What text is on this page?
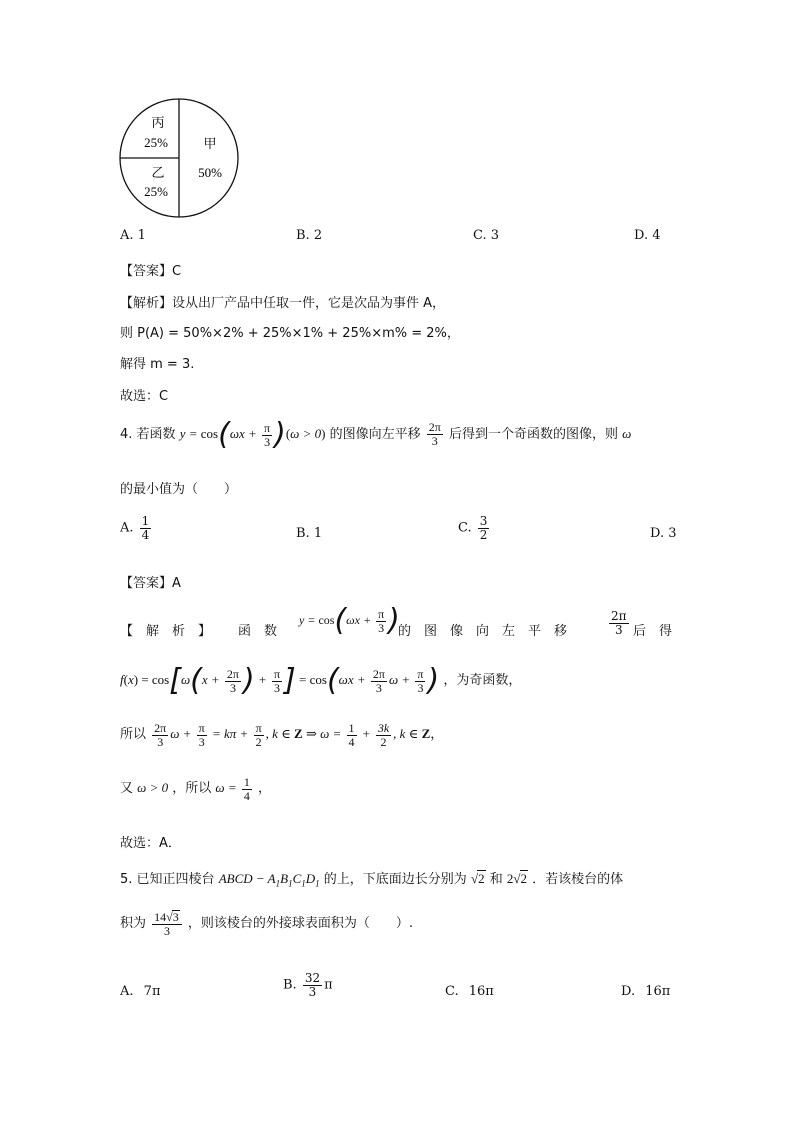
丙
25%
乙
25%
甲
50%
A. 1	B. 2	C. 3	D. 4
【答案】C
【解析】设从出厂产品中任取一件，它是次品为事件 A，
则 P(A) = 50%×2% + 25%×1% + 25%×m% = 2%，
解得 m = 3.
故选：C
4. 若函数 $y = \cos(\omega x + \frac{\pi}{3} )(\omega > 0)$ 的图像向左平移 $\frac{2\pi}{3}$ 后得到一个奇函数的图像，则 ω
的最小值为（　　）
A. $\frac{1}{4}$	B. 1	C. $\frac{3}{2}$	D. 3
【答案】A
【　解　析　】 函　数
$y = \cos(\omega x + \frac{\pi}{3}$ )
的　图　像　向　左　平　移	$\frac{2\pi}{3}$ 后　得
$f(x) = \cos[\omega(x + \frac{2\pi}{3}$ ) + $\frac{\pi}{3}$ ] = $\cos(\omega x + \frac{2\pi}{3}$ $\omega + \frac{\pi}{3}$ ) ，为奇函数，
所以 $\frac{2\pi}{3}$ $\omega + \frac{\pi}{3} = k\pi + \frac{\pi}{2}$ , k ∈ Z ⇒ $\omega = \frac{1}{4} + \frac{3k}{2}$ , k ∈ Z，
又 ω > 0 ，所以 $\omega = \frac{1}{4}$ ，
故选：A．
5. 已知正四棱台 ABCD − $A_1B_1C_1D_1$ 的上，下底面边长分别为 √2 和 2√2 ．若该棱台的体
积为 $\frac{14√3}{3}$ ，则该棱台的外接球表面积为（　　）.
A. 7π	B. $\frac{32}{3}$ π	C. 16π	D. 16π
